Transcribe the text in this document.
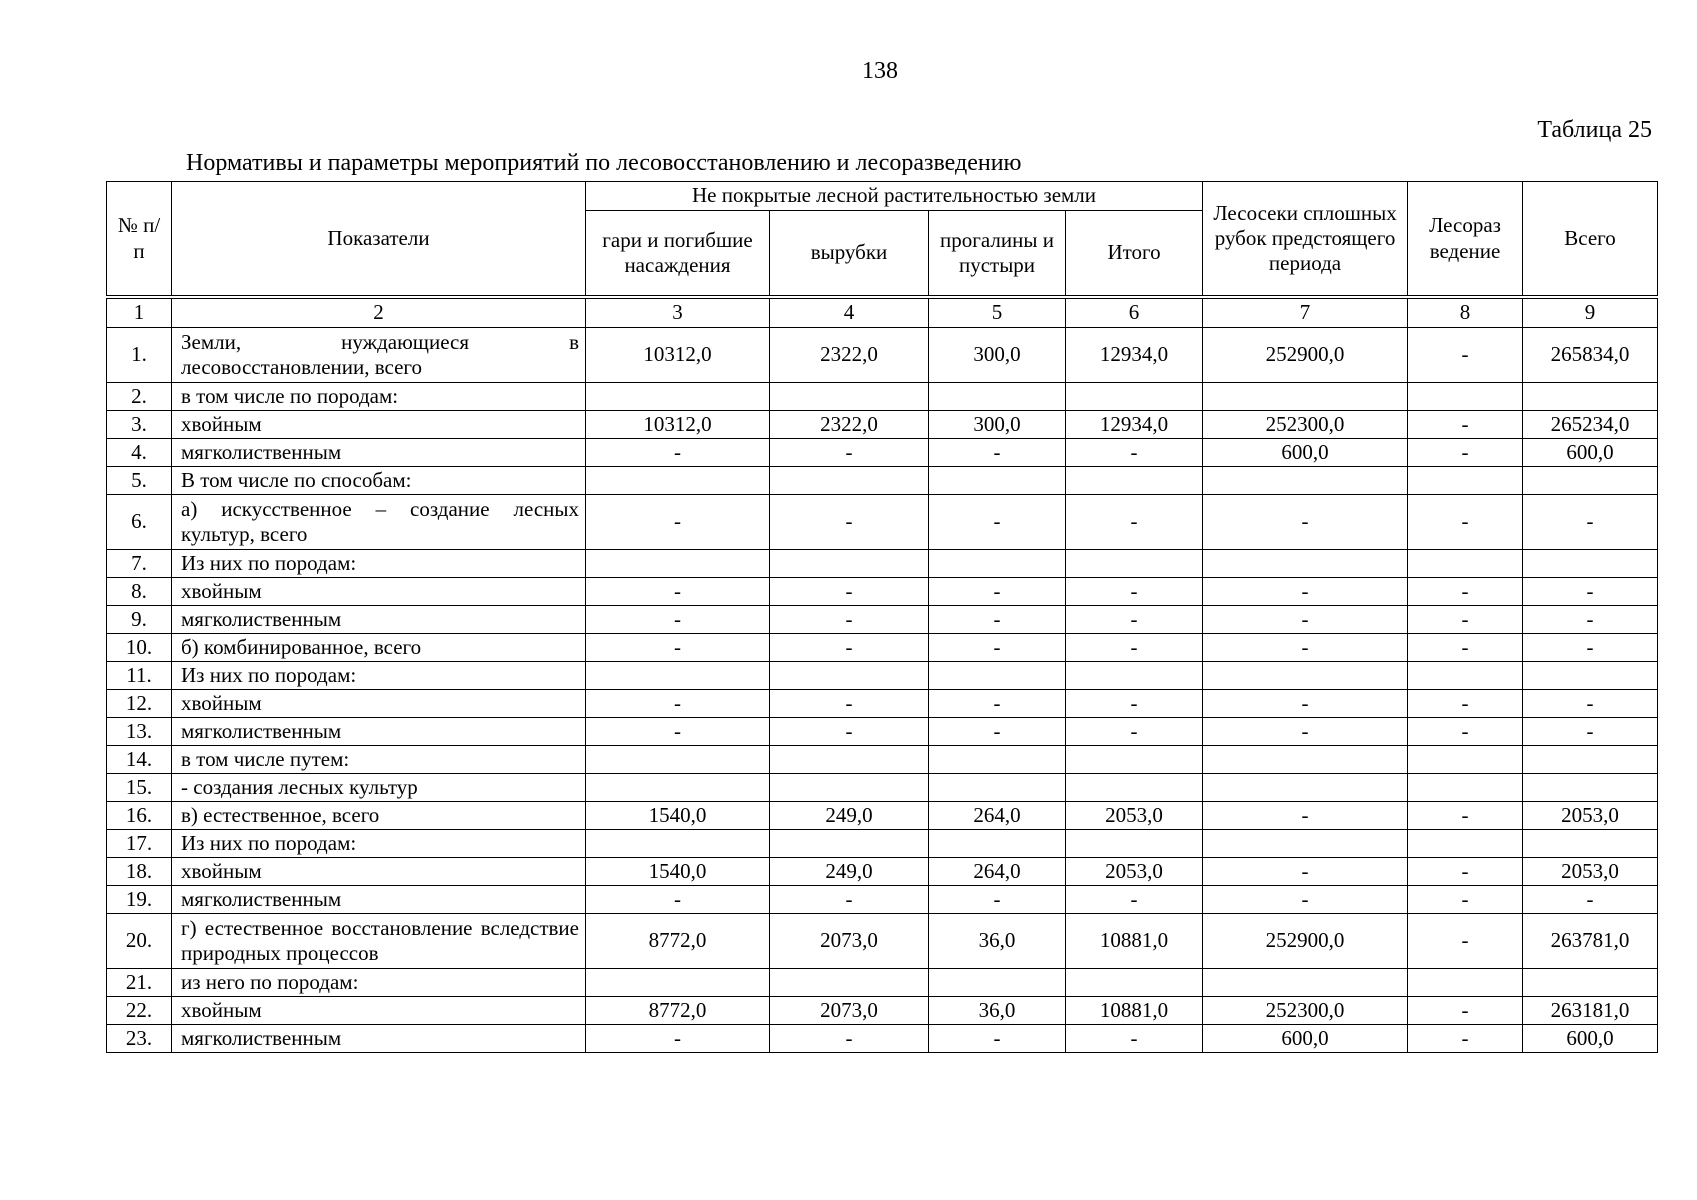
138
Таблица 25
Нормативы и параметры мероприятий по лесовосстановлению и лесоразведению
№ п/п	Показатели	Не покрытые лесной растительностью земли				Лесосеки сплошных рубок предстоящего периода	Лесораз ведение	Всего
		гари и погибшие насаждения	вырубки	прогалины и пустыри	Итого			
1	2	3	4	5	6	7	8	9
1.	Земли, нуждающиеся в лесовосстановлении, всего	10312,0	2322,0	300,0	12934,0	252900,0	-	265834,0
2.	в том числе по породам:							
3.	хвойным	10312,0	2322,0	300,0	12934,0	252300,0	-	265234,0
4.	мягколиственным	-	-	-	-	600,0	-	600,0
5.	В том числе по способам:							
6.	а) искусственное – создание лесных культур, всего	-	-	-	-	-	-	-
7.	Из них по породам:							
8.	хвойным	-	-	-	-	-	-	-
9.	мягколиственным	-	-	-	-	-	-	-
10.	б) комбинированное, всего	-	-	-	-	-	-	-
11.	Из них по породам:							
12.	хвойным	-	-	-	-	-	-	-
13.	мягколиственным	-	-	-	-	-	-	-
14.	в том числе путем:							
15.	- создания лесных культур							
16.	в) естественное, всего	1540,0	249,0	264,0	2053,0	-	-	2053,0
17.	Из них по породам:							
18.	хвойным	1540,0	249,0	264,0	2053,0	-	-	2053,0
19.	мягколиственным	-	-	-	-	-	-	-
20.	г) естественное восстановление вследствие природных процессов	8772,0	2073,0	36,0	10881,0	252900,0	-	263781,0
21.	из него по породам:							
22.	хвойным	8772,0	2073,0	36,0	10881,0	252300,0	-	263181,0
23.	мягколиственным	-	-	-	-	600,0	-	600,0
